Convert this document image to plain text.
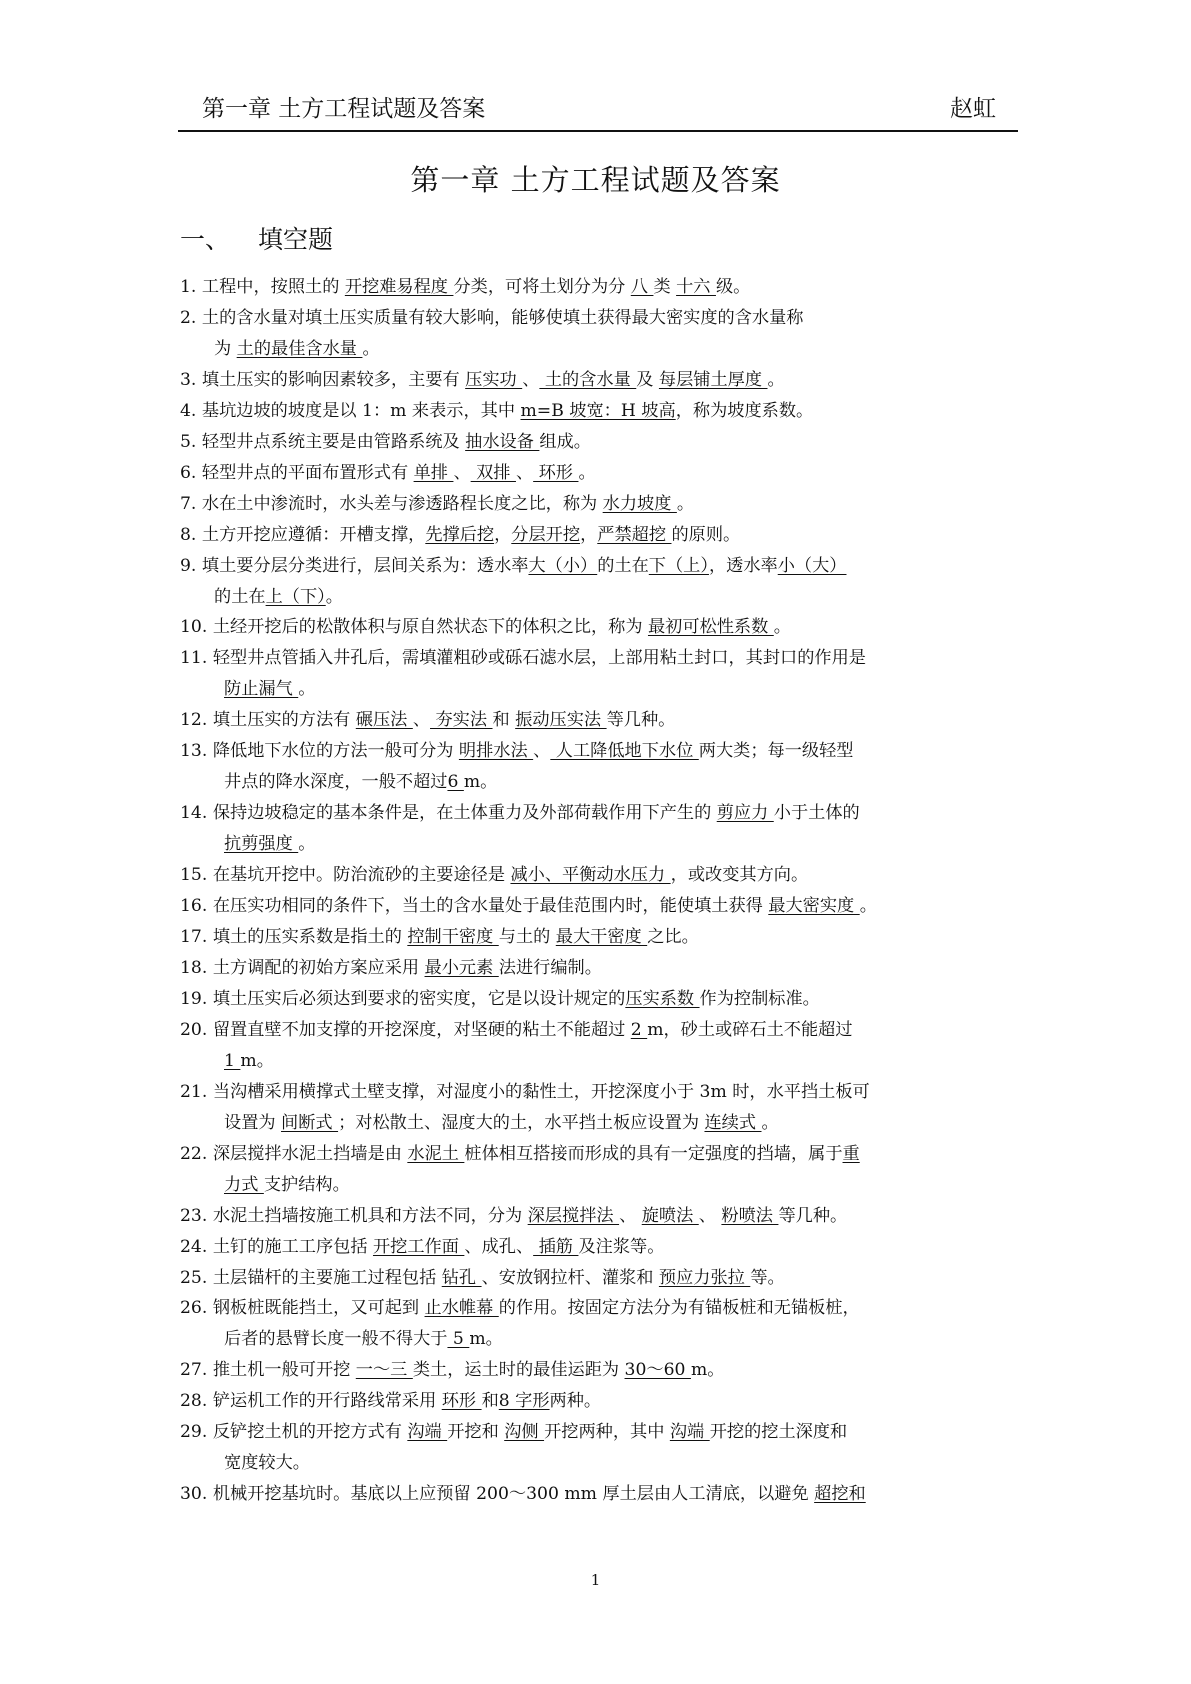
第一章 土方工程试题及答案	赵虹
第一章 土方工程试题及答案
一、 填空题
1. 工程中，按照土的 开挖难易程度 分类，可将土划分为分 八 类 十六 级。
2. 土的含水量对填土压实质量有较大影响，能够使填土获得最大密实度的含水量称
为 土的最佳含水量 。
3. 填土压实的影响因素较多，主要有 压实功 、 土的含水量 及 每层铺土厚度 。
4. 基坑边坡的坡度是以 1：m 来表示，其中 m=B 坡宽：H 坡高，称为坡度系数。
5. 轻型井点系统主要是由管路系统及 抽水设备 组成。
6. 轻型井点的平面布置形式有 单排 、 双排 、 环形 。
7. 水在土中渗流时，水头差与渗透路程长度之比，称为 水力坡度 。
8. 土方开挖应遵循：开槽支撑，先撑后挖，分层开挖，严禁超挖 的原则。
9. 填土要分层分类进行，层间关系为：透水率大（小）的土在下（上），透水率小（大）
的土在上（下）。
10. 土经开挖后的松散体积与原自然状态下的体积之比，称为 最初可松性系数 。
11. 轻型井点管插入井孔后，需填灌粗砂或砾石滤水层，上部用粘土封口，其封口的作用是
防止漏气 。
12. 填土压实的方法有 碾压法 、 夯实法 和 振动压实法 等几种。
13. 降低地下水位的方法一般可分为 明排水法 、 人工降低地下水位 两大类；每一级轻型
井点的降水深度，一般不超过6 m。
14. 保持边坡稳定的基本条件是，在土体重力及外部荷载作用下产生的 剪应力 小于土体的
抗剪强度 。
15. 在基坑开挖中。防治流砂的主要途径是 减小、平衡动水压力 ，或改变其方向。
16. 在压实功相同的条件下，当土的含水量处于最佳范围内时，能使填土获得 最大密实度 。
17. 填土的压实系数是指土的 控制干密度 与土的 最大干密度 之比。
18. 土方调配的初始方案应采用 最小元素 法进行编制。
19. 填土压实后必须达到要求的密实度，它是以设计规定的压实系数 作为控制标准。
20. 留置直壁不加支撑的开挖深度，对坚硬的粘土不能超过 2 m，砂土或碎石土不能超过
1 m。
21. 当沟槽采用横撑式土壁支撑，对湿度小的黏性土，开挖深度小于 3m 时，水平挡土板可
设置为 间断式 ；对松散土、湿度大的土，水平挡土板应设置为 连续式 。
22. 深层搅拌水泥土挡墙是由 水泥土 桩体相互搭接而形成的具有一定强度的挡墙，属于重
力式 支护结构。
23. 水泥土挡墙按施工机具和方法不同，分为 深层搅拌法 、 旋喷法 、 粉喷法 等几种。
24. 土钉的施工工序包括 开挖工作面 、成孔、 插筋 及注浆等。
25. 土层锚杆的主要施工过程包括 钻孔 、安放钢拉杆、灌浆和 预应力张拉 等。
26. 钢板桩既能挡土，又可起到 止水帷幕 的作用。按固定方法分为有锚板桩和无锚板桩，
后者的悬臂长度一般不得大于 5 m。
27. 推土机一般可开挖 一～三 类土，运土时的最佳运距为 30～60 m。
28. 铲运机工作的开行路线常采用 环形 和8 字形两种。
29. 反铲挖土机的开挖方式有 沟端 开挖和 沟侧 开挖两种，其中 沟端 开挖的挖土深度和
宽度较大。
30. 机械开挖基坑时。基底以上应预留 200～300 mm 厚土层由人工清底，以避免 超挖和
1
